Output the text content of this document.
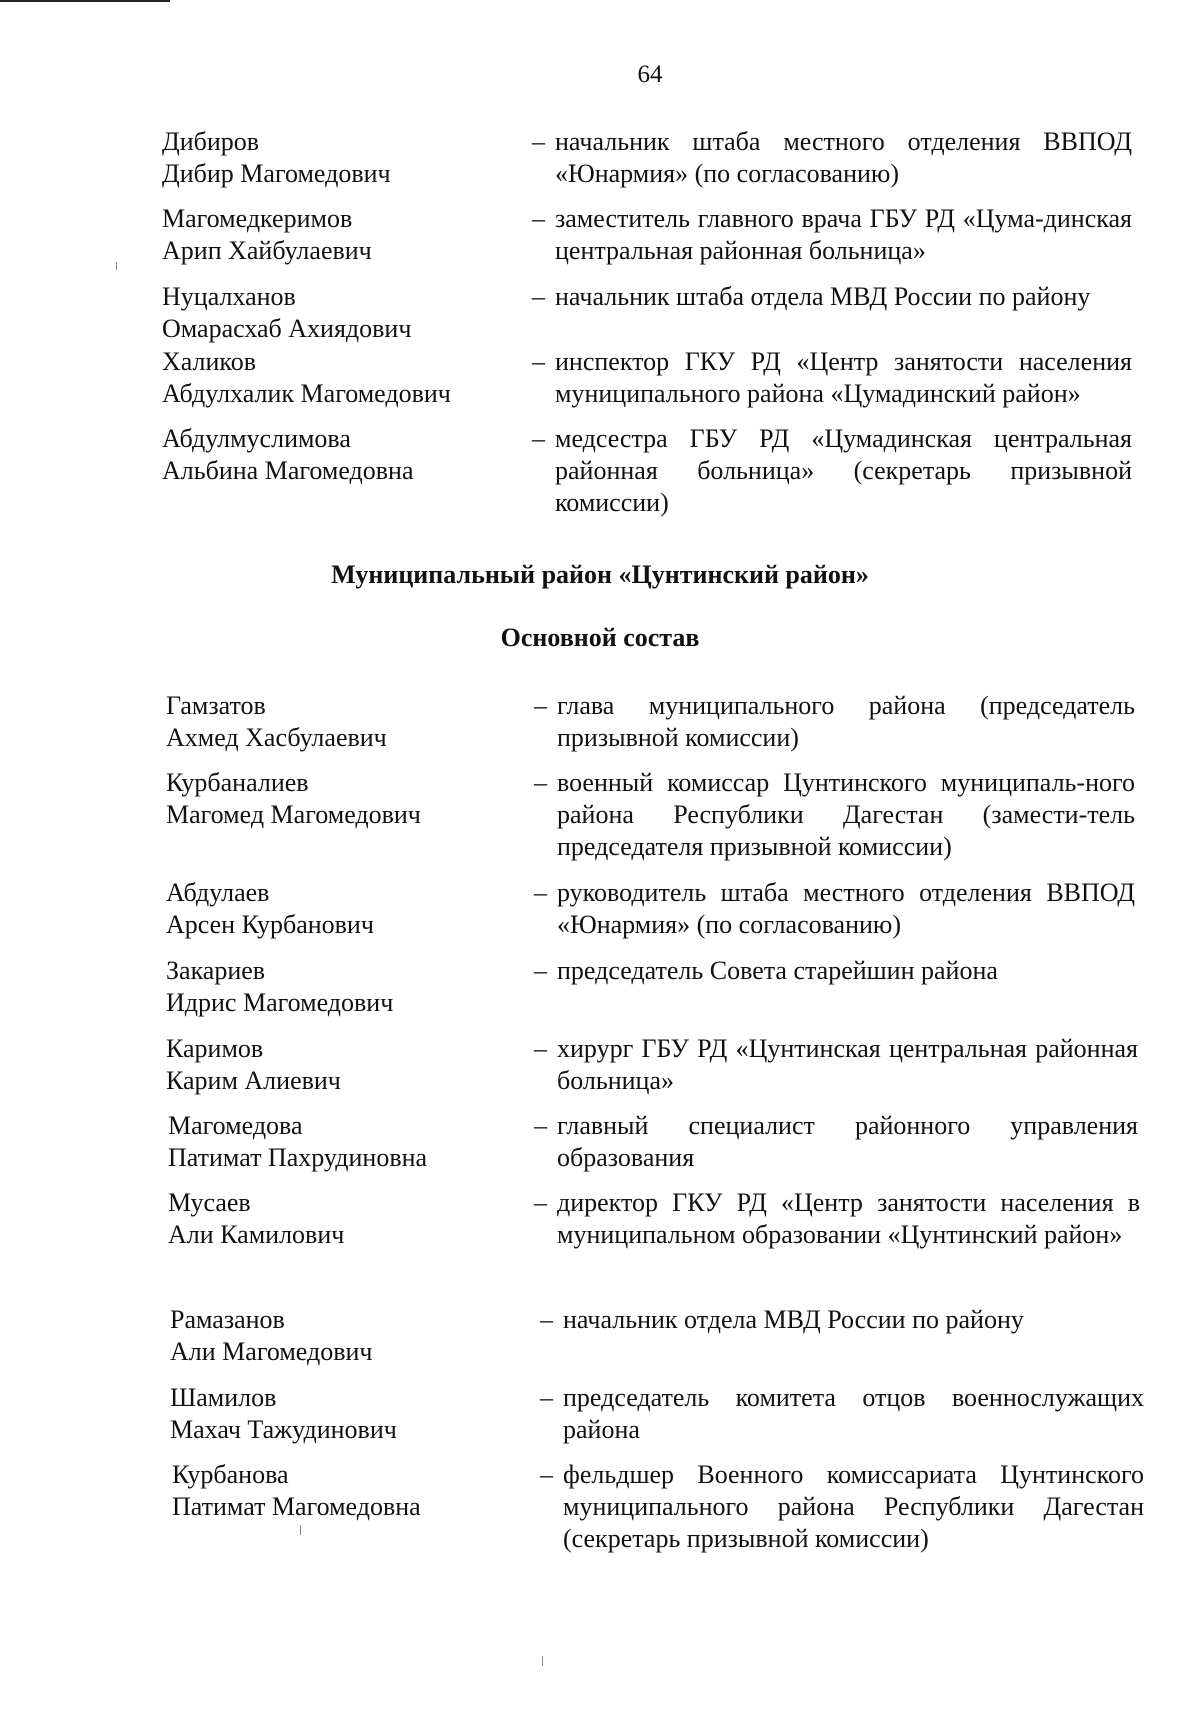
64
Дибиров
Дибир Магомедович
– начальник штаба местного отделения ВВПОД «Юнармия» (по согласованию)
Магомедкеримов
Арип Хайбулаевич
– заместитель главного врача ГБУ РД «Цума-динская центральная районная больница»
Нуцалханов
Омарасхаб Ахиядович
– начальник штаба отдела МВД России по району
Халиков
Абдулхалик Магомедович
– инспектор ГКУ РД «Центр занятости населения муниципального района «Цумадинский район»
Абдулмуслимова
Альбина Магомедовна
– медсестра ГБУ РД «Цумадинская центральная районная больница» (секретарь призывной комиссии)
Муниципальный район «Цунтинский район»
Основной состав
Гамзатов
Ахмед Хасбулаевич
– глава муниципального района (председатель призывной комиссии)
Курбаналиев
Магомед Магомедович
– военный комиссар Цунтинского муниципаль-ного района Республики Дагестан (замести-тель председателя призывной комиссии)
Абдулаев
Арсен Курбанович
– руководитель штаба местного отделения ВВПОД «Юнармия» (по согласованию)
Закариев
Идрис Магомедович
– председатель Совета старейшин района
Каримов
Карим Алиевич
– хирург ГБУ РД «Цунтинская центральная районная больница»
Магомедова
Патимат Пахрудиновна
– главный специалист районного управления образования
Мусаев
Али Камилович
– директор ГКУ РД «Центр занятости населения в муниципальном образовании «Цунтинский район»
Рамазанов
Али Магомедович
– начальник отдела МВД России по району
Шамилов
Махач Тажудинович
– председатель комитета отцов военнослужащих района
Курбанова
Патимат Магомедовна
– фельдшер Военного комиссариата Цунтинского муниципального района Республики Дагестан (секретарь призывной комиссии)
